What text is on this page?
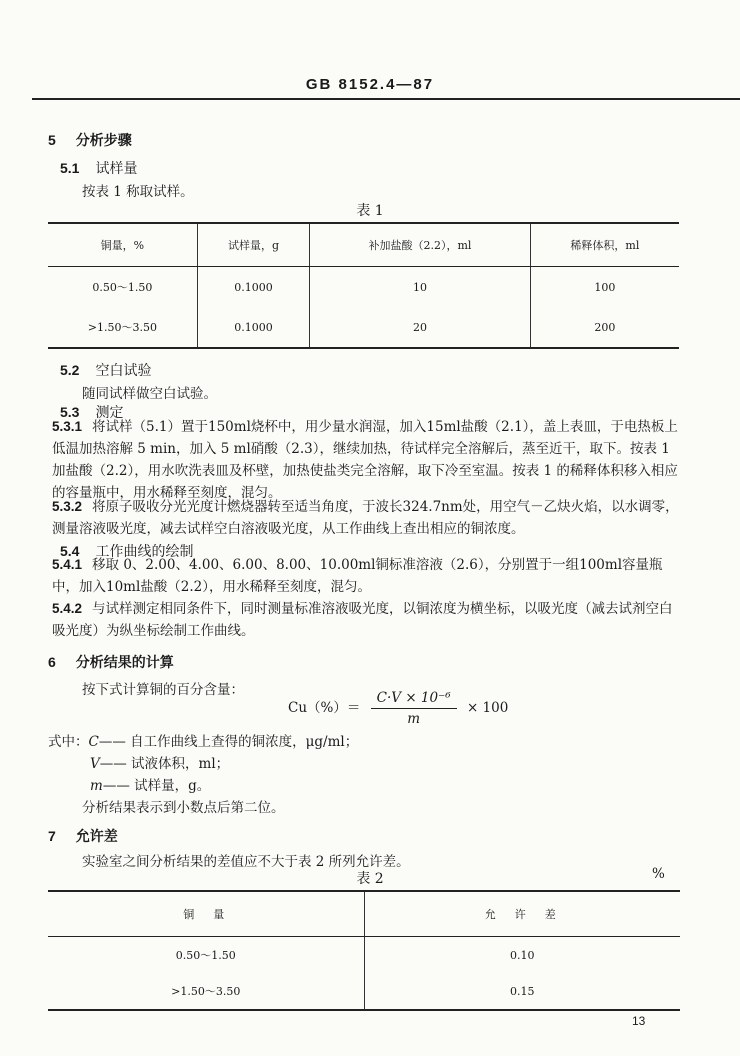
GB 8152.4—87
5 分析步骤
5.1 试样量
按表 1 称取试样。
表 1
铜量，%	试样量，g	补加盐酸（2.2），ml	稀释体积，ml
0.50～1.50	0.1000	10	100
>1.50～3.50	0.1000	20	200
5.2 空白试验
随同试样做空白试验。
5.3 测定
5.3.1 将试样（5.1）置于150ml烧杯中，用少量水润湿，加入15ml盐酸（2.1），盖上表皿，于电热板上低温加热溶解 5 min，加入 5 ml硝酸（2.3），继续加热，待试样完全溶解后，蒸至近干，取下。按表 1 加盐酸（2.2），用水吹洗表皿及杯壁，加热使盐类完全溶解，取下冷至室温。按表 1 的稀释体积移入相应的容量瓶中，用水稀释至刻度，混匀。
5.3.2 将原子吸收分光光度计燃烧器转至适当角度，于波长324.7nm处，用空气－乙炔火焰，以水调零，测量溶液吸光度，减去试样空白溶液吸光度，从工作曲线上查出相应的铜浓度。
5.4 工作曲线的绘制
5.4.1 移取 0、2.00、4.00、6.00、8.00、10.00ml铜标准溶液（2.6），分别置于一组100ml容量瓶中，加入10ml盐酸（2.2），用水稀释至刻度，混匀。
5.4.2 与试样测定相同条件下，同时测量标准溶液吸光度，以铜浓度为横坐标，以吸光度（减去试剂空白吸光度）为纵坐标绘制工作曲线。
6 分析结果的计算
按下式计算铜的百分含量：
$Cu(\%)= \frac{\text{C·V × 10⁻⁶}}{m} \times 100$
式中：C—— 自工作曲线上查得的铜浓度，μg/ml；
V—— 试液体积，ml；
m—— 试样量，g。
分析结果表示到小数点后第二位。
7 允许差
实验室之间分析结果的差值应不大于表 2 所列允许差。
表 2	%
铜　量	允　许　差
0.50～1.50	0.10
>1.50～3.50	0.15
13
